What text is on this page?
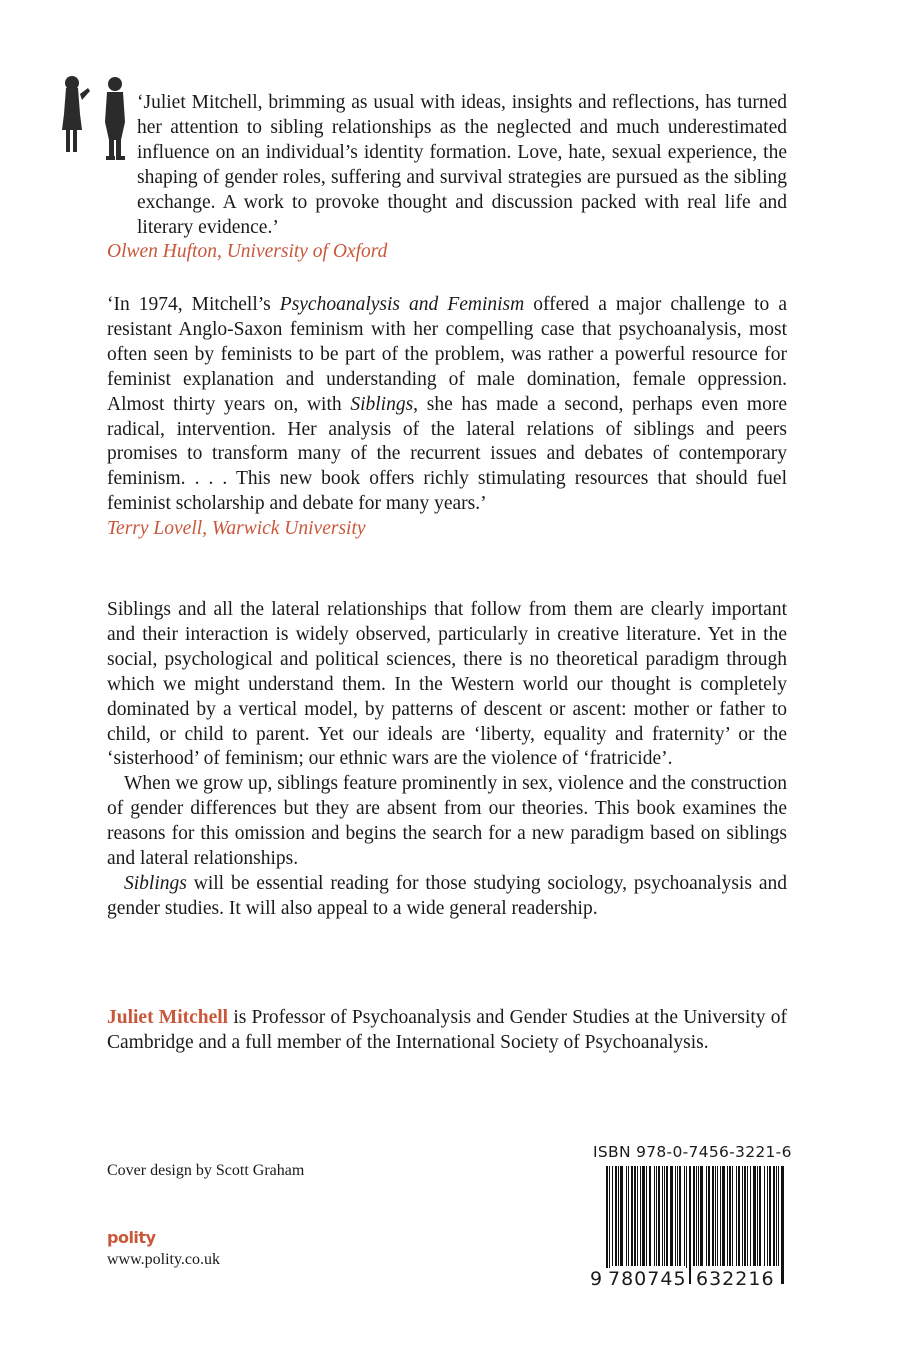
‘Juliet Mitchell, brimming as usual with ideas, insights and reflections, has turned her attention to sibling relationships as the neglected and much underestimated influence on an individual’s identity formation. Love, hate, sexual experience, the shaping of gender roles, suffering and survival strategies are pursued as the sibling exchange. A work to provoke thought and discussion packed with real life and literary evidence.’

Olwen Hufton, University of Oxford

‘In 1974, Mitchell’s Psychoanalysis and Feminism offered a major challenge to a resistant Anglo-Saxon feminism with her compelling case that psychoanalysis, most often seen by feminists to be part of the problem, was rather a powerful resource for feminist explanation and understanding of male domination, female oppression. Almost thirty years on, with Siblings, she has made a second, perhaps even more radical, intervention. Her analysis of the lateral relations of siblings and peers promises to transform many of the recurrent issues and debates of contemporary feminism. . . . This new book offers richly stimulating resources that should fuel feminist scholarship and debate for many years.’

Terry Lovell, Warwick University

Siblings and all the lateral relationships that follow from them are clearly important and their interaction is widely observed, particularly in creative literature. Yet in the social, psychological and political sciences, there is no theoretical paradigm through which we might understand them. In the Western world our thought is completely dominated by a vertical model, by patterns of descent or ascent: mother or father to child, or child to parent. Yet our ideals are ‘liberty, equality and fraternity’ or the ‘sisterhood’ of feminism; our ethnic wars are the violence of ‘fratricide’.

When we grow up, siblings feature prominently in sex, violence and the construction of gender differences but they are absent from our theories. This book examines the reasons for this omission and begins the search for a new paradigm based on siblings and lateral relationships.

Siblings will be essential reading for those studying sociology, psychoanalysis and gender studies. It will also appeal to a wide general readership.

Juliet Mitchell is Professor of Psychoanalysis and Gender Studies at the University of Cambridge and a full member of the International Society of Psychoanalysis.

Cover design by Scott Graham
polity
www.polity.co.uk
ISBN 978-0-7456-3221-6
9 780745 632216
